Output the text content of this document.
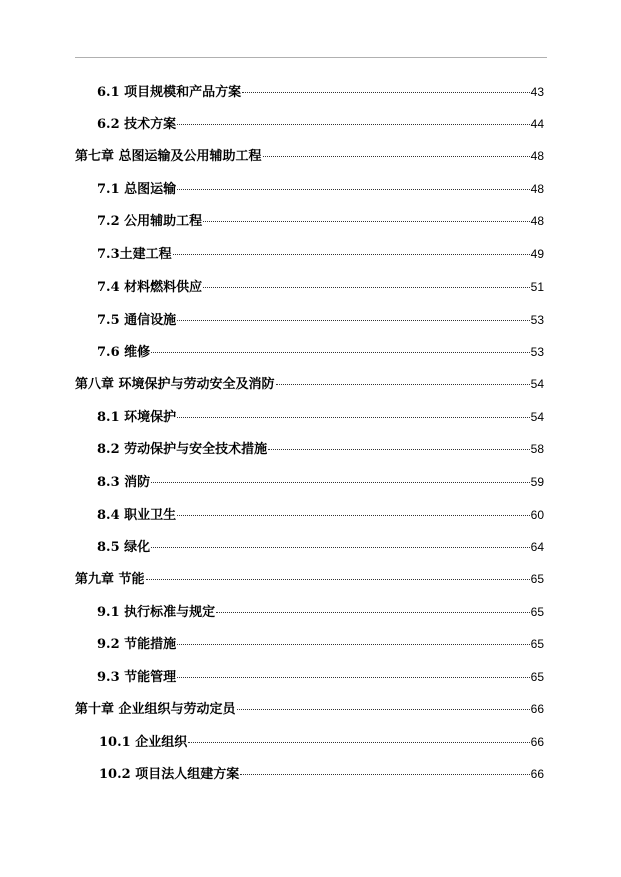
6.1 项目规模和产品方案	43
6.2 技术方案	44
第七章 总图运输及公用辅助工程	48
7.1 总图运输	48
7.2 公用辅助工程	48
7.3土建工程	49
7.4 材料燃料供应	51
7.5 通信设施	53
7.6 维修	53
第八章 环境保护与劳动安全及消防	54
8.1 环境保护	54
8.2 劳动保护与安全技术措施	58
8.3 消防	59
8.4 职业卫生	60
8.5 绿化	64
第九章 节能	65
9.1 执行标准与规定	65
9.2 节能措施	65
9.3 节能管理	65
第十章 企业组织与劳动定员	66
10.1 企业组织	66
10.2 项目法人组建方案	66
